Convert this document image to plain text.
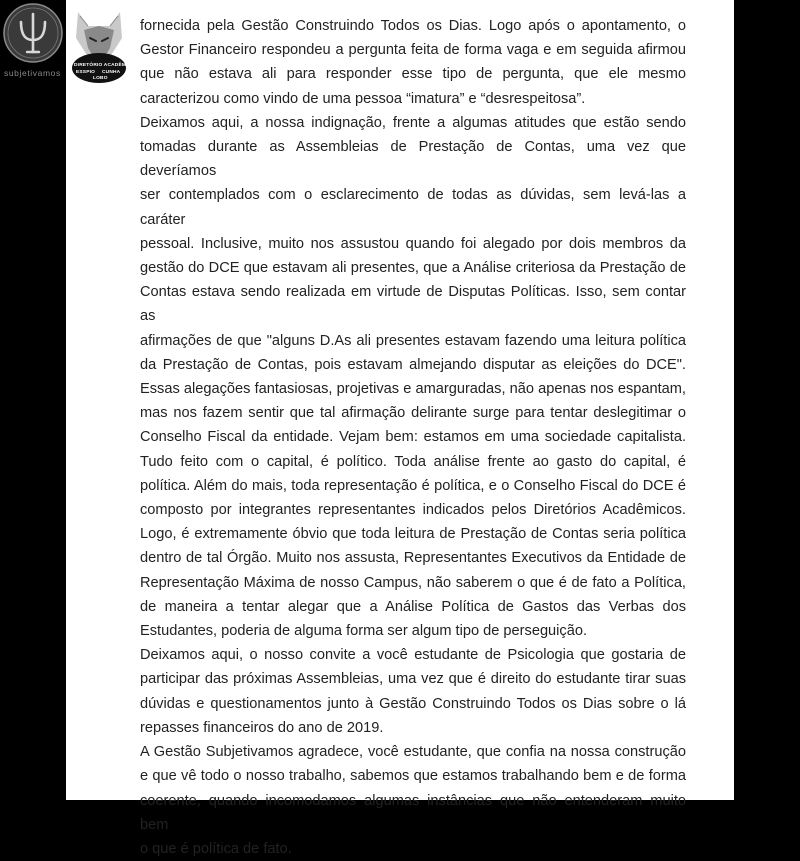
fornecida pela Gestão Construindo Todos os Dias. Logo após o apontamento, o

Gestor Financeiro respondeu a pergunta feita de forma vaga e em seguida afirmou

que não estava ali para responder esse tipo de pergunta, que ele mesmo

caracterizou como vindo de uma pessoa “imatura” e “desrespeitosa”.

Deixamos aqui, a nossa indignação, frente a algumas atitudes que estão sendo

tomadas durante as Assembleias de Prestação de Contas, uma vez que deveríamos

ser contemplados com o esclarecimento de todas as dúvidas, sem levá-las a caráter

pessoal. Inclusive, muito nos assustou quando foi alegado por dois membros da

gestão do DCE que estavam ali presentes, que a Análise criteriosa da Prestação de

Contas estava sendo realizada em virtude de Disputas Políticas. Isso, sem contar as

afirmações de que "alguns D.As ali presentes estavam fazendo uma leitura política

da Prestação de Contas, pois estavam almejando disputar as eleições do DCE".

Essas alegações fantasiosas, projetivas e amarguradas, não apenas nos espantam,

mas nos fazem sentir que tal afirmação delirante surge para tentar deslegitimar o

Conselho Fiscal da entidade. Vejam bem: estamos em uma sociedade capitalista.

Tudo feito com o capital, é político. Toda análise frente ao gasto do capital, é

política. Além do mais, toda representação é política, e o Conselho Fiscal do DCE é

composto por integrantes representantes indicados pelos Diretórios Acadêmicos.

Logo, é extremamente óbvio que toda leitura de Prestação de Contas seria política

dentro de tal Órgão. Muito nos assusta, Representantes Executivos da Entidade de

Representação Máxima de nosso Campus, não saberem o que é de fato a Política,

de maneira a tentar alegar que a Análise Política de Gastos das Verbas dos

Estudantes, poderia de alguma forma ser algum tipo de perseguição.

Deixamos aqui, o nosso convite a você estudante de Psicologia que gostaria de

participar das próximas Assembleias, uma vez que é direito do estudante tirar suas

dúvidas e questionamentos junto à Gestão Construindo Todos os Dias sobre o lá

repasses financeiros do ano de 2019.

A Gestão Subjetivamos agradece, você estudante, que confia na nossa construção

e que vê todo o nosso trabalho, sabemos que estamos trabalhando bem e de forma

coerente, quando incomodamos algumas instâncias que não entenderam muito bem

o que é política de fato.

subjetivamos
DIRETÓRIO ACADÊMICO
ESSPIO CUNHA
LOBO
